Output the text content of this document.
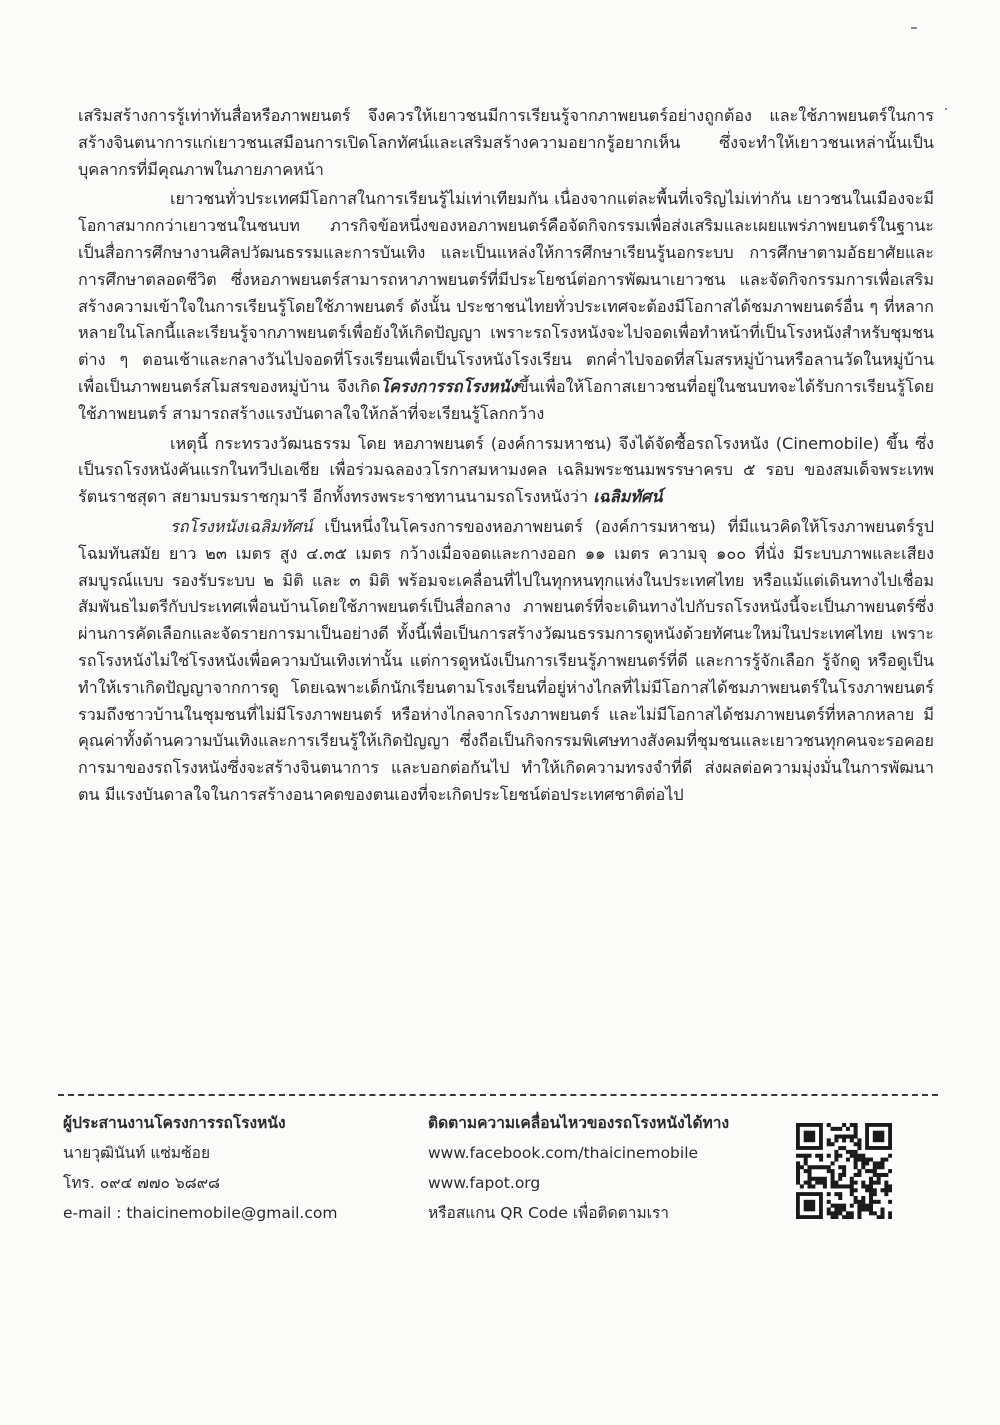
เสริมสร้างการรู้เท่าทันสื่อหรือภาพยนตร์ จึงควรให้เยาวชนมีการเรียนรู้จากภาพยนตร์อย่างถูกต้อง และใช้ภาพยนตร์ในการสร้างจินตนาการแก่เยาวชนเสมือนการเปิดโลกทัศน์และเสริมสร้างความอยากรู้อยากเห็น ซึ่งจะทำให้เยาวชนเหล่านั้นเป็นบุคลากรที่มีคุณภาพในภายภาคหน้า

เยาวชนทั่วประเทศมีโอกาสในการเรียนรู้ไม่เท่าเทียมกัน เนื่องจากแต่ละพื้นที่เจริญไม่เท่ากัน เยาวชนในเมืองจะมีโอกาสมากกว่าเยาวชนในชนบท ภารกิจข้อหนึ่งของหอภาพยนตร์คือจัดกิจกรรมเพื่อส่งเสริมและเผยแพร่ภาพยนตร์ในฐานะเป็นสื่อการศึกษางานศิลปวัฒนธรรมและการบันเทิง และเป็นแหล่งให้การศึกษาเรียนรู้นอกระบบ การศึกษาตามอัธยาศัยและการศึกษาตลอดชีวิต ซึ่งหอภาพยนตร์สามารถหาภาพยนตร์ที่มีประโยชน์ต่อการพัฒนาเยาวชน และจัดกิจกรรมการเพื่อเสริมสร้างความเข้าใจในการเรียนรู้โดยใช้ภาพยนตร์ ดังนั้น ประชาชนไทยทั่วประเทศจะต้องมีโอกาสได้ชมภาพยนตร์อื่น ๆ ที่หลากหลายในโลกนี้และเรียนรู้จากภาพยนตร์เพื่อยังให้เกิดปัญญา เพราะรถโรงหนังจะไปจอดเพื่อทำหน้าที่เป็นโรงหนังสำหรับชุมชนต่าง ๆ ตอนเช้าและกลางวันไปจอดที่โรงเรียนเพื่อเป็นโรงหนังโรงเรียน ตกค่ำไปจอดที่สโมสรหมู่บ้านหรือลานวัดในหมู่บ้าน เพื่อเป็นภาพยนตร์สโมสรของหมู่บ้าน จึงเกิดโครงการรถโรงหนังขึ้นเพื่อให้โอกาสเยาวชนที่อยู่ในชนบทจะได้รับการเรียนรู้โดยใช้ภาพยนตร์ สามารถสร้างแรงบันดาลใจให้กล้าที่จะเรียนรู้โลกกว้าง

เหตุนี้ กระทรวงวัฒนธรรม โดย หอภาพยนตร์ (องค์การมหาชน) จึงได้จัดซื้อรถโรงหนัง (Cinemobile) ขึ้น ซึ่งเป็นรถโรงหนังคันแรกในทวีปเอเชีย เพื่อร่วมฉลองวโรกาสมหามงคล เฉลิมพระชนมพรรษาครบ ๕ รอบ ของสมเด็จพระเทพรัตนราชสุดา สยามบรมราชกุมารี อีกทั้งทรงพระราชทานนามรถโรงหนังว่า เฉลิมทัศน์

รถโรงหนังเฉลิมทัศน์ เป็นหนึ่งในโครงการของหอภาพยนตร์ (องค์การมหาชน) ที่มีแนวคิดให้โรงภาพยนตร์รูปโฉมทันสมัย ยาว ๒๓ เมตร สูง ๔.๓๕ เมตร กว้างเมื่อจอดและกางออก ๑๑ เมตร ความจุ ๑๐๐ ที่นั่ง มีระบบภาพและเสียงสมบูรณ์แบบ รองรับระบบ ๒ มิติ และ ๓ มิติ พร้อมจะเคลื่อนที่ไปในทุกหนทุกแห่งในประเทศไทย หรือแม้แต่เดินทางไปเชื่อมสัมพันธไมตรีกับประเทศเพื่อนบ้านโดยใช้ภาพยนตร์เป็นสื่อกลาง ภาพยนตร์ที่จะเดินทางไปกับรถโรงหนังนี้จะเป็นภาพยนตร์ซึ่งผ่านการคัดเลือกและจัดรายการมาเป็นอย่างดี ทั้งนี้เพื่อเป็นการสร้างวัฒนธรรมการดูหนังด้วยทัศนะใหม่ในประเทศไทย เพราะรถโรงหนังไม่ใช่โรงหนังเพื่อความบันเทิงเท่านั้น แต่การดูหนังเป็นการเรียนรู้ภาพยนตร์ที่ดี และการรู้จักเลือก รู้จักดู หรือดูเป็น ทำให้เราเกิดปัญญาจากการดู โดยเฉพาะเด็กนักเรียนตามโรงเรียนที่อยู่ห่างไกลที่ไม่มีโอกาสได้ชมภาพยนตร์ในโรงภาพยนตร์ รวมถึงชาวบ้านในชุมชนที่ไม่มีโรงภาพยนตร์ หรือห่างไกลจากโรงภาพยนตร์ และไม่มีโอกาสได้ชมภาพยนตร์ที่หลากหลาย มีคุณค่าทั้งด้านความบันเทิงและการเรียนรู้ให้เกิดปัญญา ซึ่งถือเป็นกิจกรรมพิเศษทางสังคมที่ชุมชนและเยาวชนทุกคนจะรอคอยการมาของรถโรงหนังซึ่งจะสร้างจินตนาการ และบอกต่อกันไป ทำให้เกิดความทรงจำที่ดี ส่งผลต่อความมุ่งมั่นในการพัฒนาตน มีแรงบันดาลใจในการสร้างอนาคตของตนเองที่จะเกิดประโยชน์ต่อประเทศชาติต่อไป

ผู้ประสานงานโครงการรถโรงหนัง
นายวุฒินันท์ แซ่มซ้อย
โทร. ๐๙๔ ๗๗๐ ๖๘๙๘
e-mail : thaicinemobile@gmail.com
ติดตามความเคลื่อนไหวของรถโรงหนังได้ทาง
www.facebook.com/thaicinemobile
www.fapot.org
หรือสแกน QR Code เพื่อติดตามเรา
